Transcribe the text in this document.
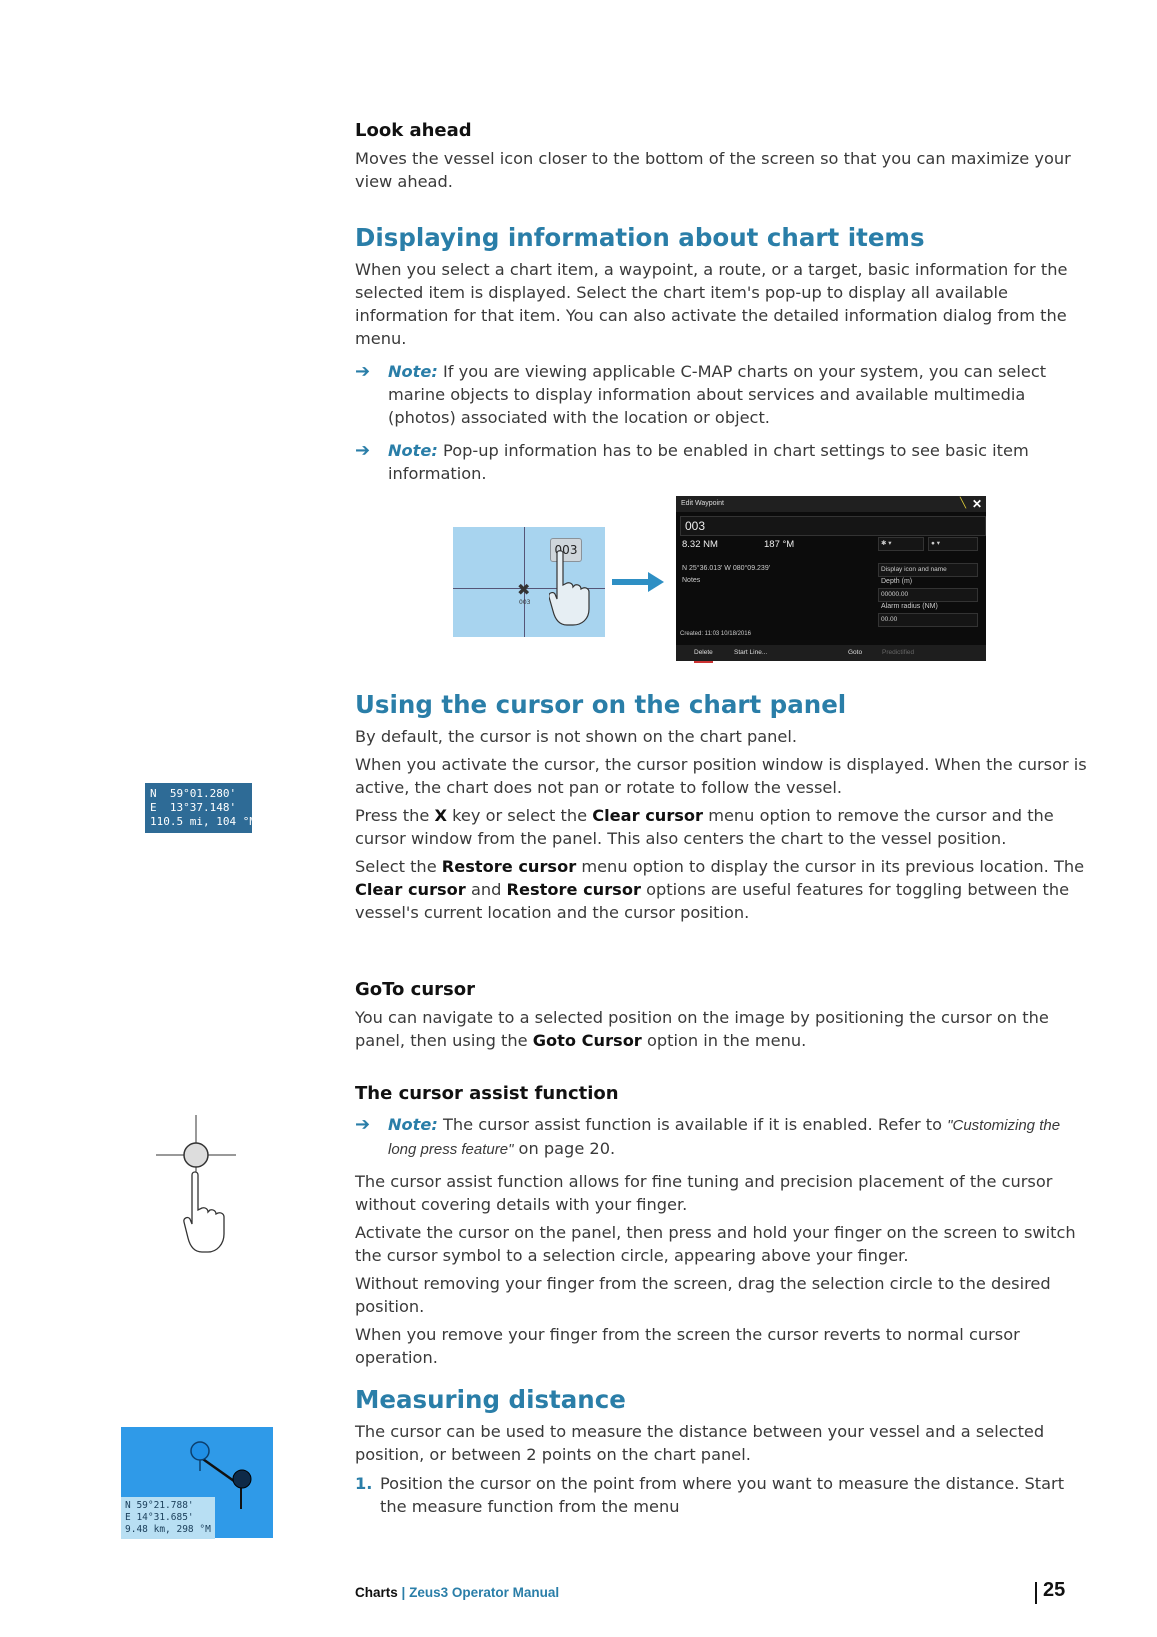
Look ahead

Moves the vessel icon closer to the bottom of the screen so that you can maximize your view ahead.

Displaying information about chart items

When you select a chart item, a waypoint, a route, or a target, basic information for the selected item is displayed. Select the chart item's pop-up to display all available information for that item. You can also activate the detailed information dialog from the menu.

➔ Note: If you are viewing applicable C-MAP charts on your system, you can select marine objects to display information about services and available multimedia (photos) associated with the location or object.
➔ Note: Pop-up information has to be enabled in chart settings to see basic item information.
003
✖
003
Edit Waypoint	╲ ✕
003
8.32 NM	187 °M	✱ ▾	● ▾
N 25°36.013' W 080°09.239'
Notes
Display icon and name
Depth (m)
00000.00
Alarm radius (NM)
00.00
Created: 11:03 10/18/2016
Delete	Start Line...	Goto	Predictified
Using the cursor on the chart panel

By default, the cursor is not shown on the chart panel.

When you activate the cursor, the cursor position window is displayed. When the cursor is active, the chart does not pan or rotate to follow the vessel.

Press the X key or select the Clear cursor menu option to remove the cursor and the cursor window from the panel. This also centers the chart to the vessel position.

Select the Restore cursor menu option to display the cursor in its previous location. The Clear cursor and Restore cursor options are useful features for toggling between the vessel's current location and the cursor position.

N  59°01.280'
E  13°37.148'
110.5 mi, 104 °M
GoTo cursor

You can navigate to a selected position on the image by positioning the cursor on the panel, then using the Goto Cursor option in the menu.

The cursor assist function
➔ Note: The cursor assist function is available if it is enabled. Refer to "Customizing the long press feature" on page 20.

The cursor assist function allows for fine tuning and precision placement of the cursor without covering details with your finger.

Activate the cursor on the panel, then press and hold your finger on the screen to switch the cursor symbol to a selection circle, appearing above your finger.

Without removing your finger from the screen, drag the selection circle to the desired position.

When you remove your finger from the screen the cursor reverts to normal cursor operation.

Measuring distance

The cursor can be used to measure the distance between your vessel and a selected position, or between 2 points on the chart panel.

1. Position the cursor on the point from where you want to measure the distance. Start the measure function from the menu
N 59°21.788'
E 14°31.685'
9.48 km, 298 °M
Charts | Zeus3 Operator Manual	25
